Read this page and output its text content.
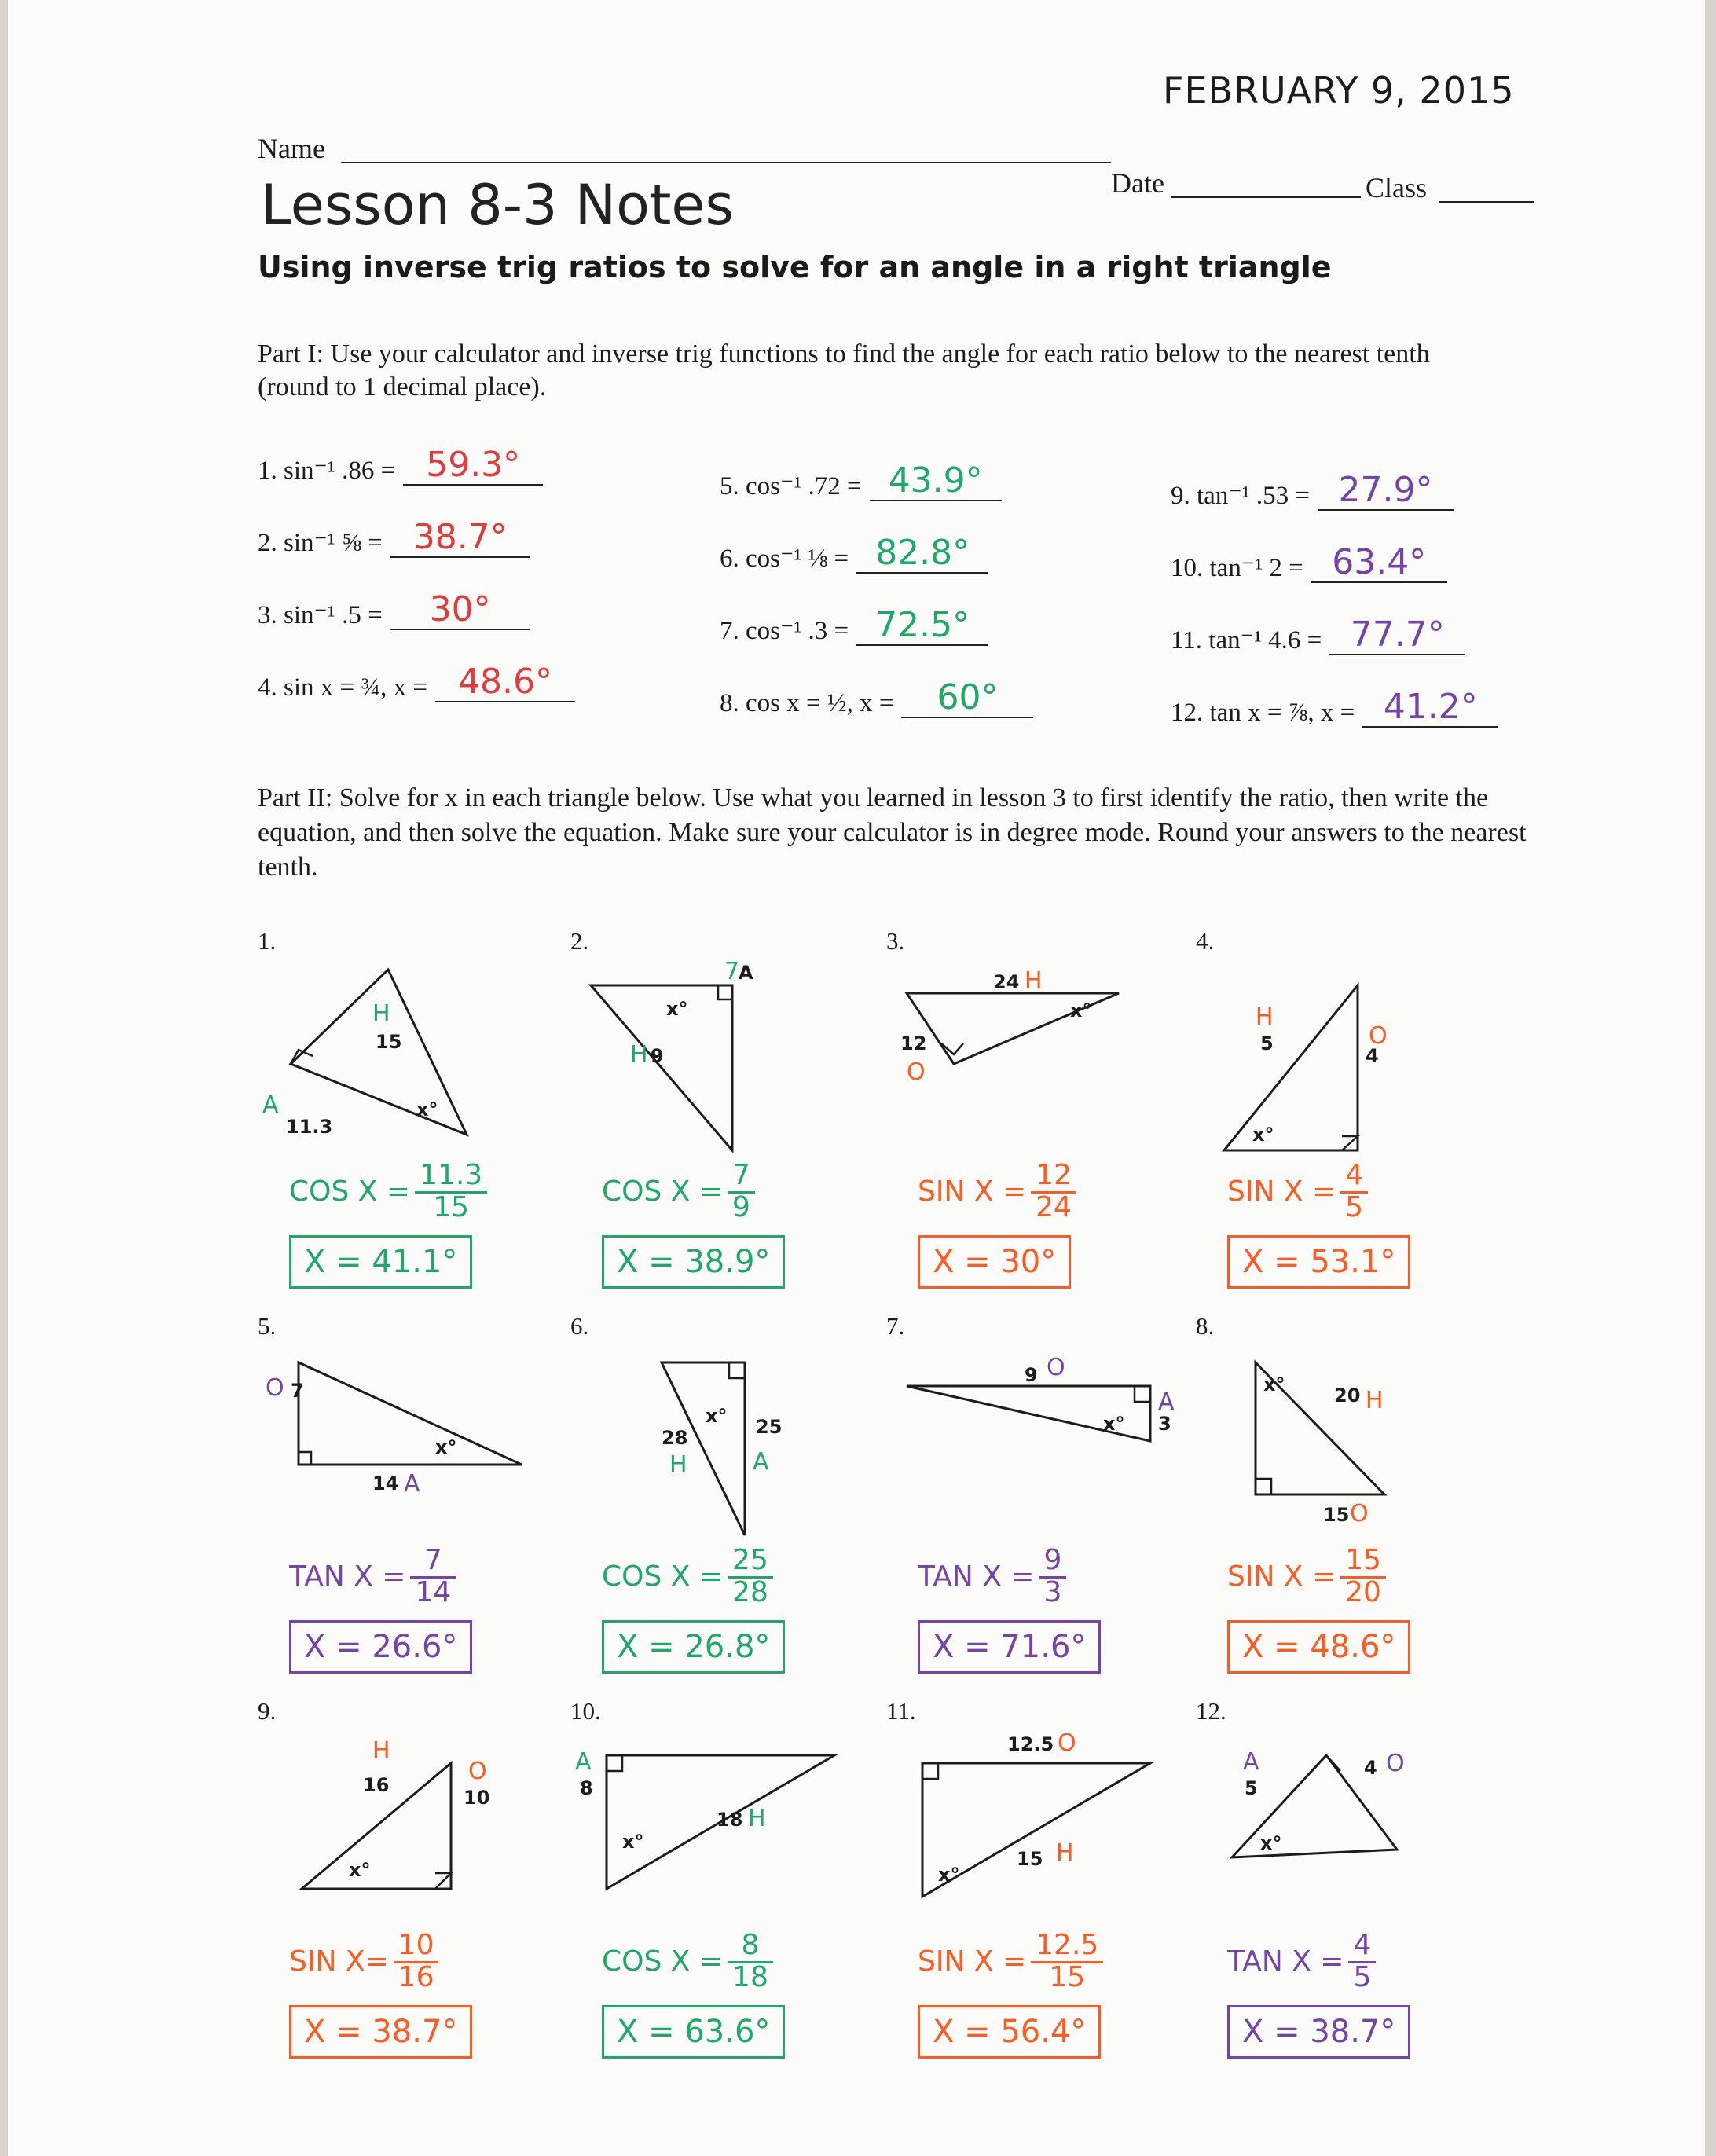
FEBRUARY 9, 2015
Name
Date	Class
Lesson 8-3 Notes
Using inverse trig ratios to solve for an angle in a right triangle
Part I: Use your calculator and inverse trig functions to find the angle for each ratio below to the nearest tenth (round to 1 decimal place).
1. sin⁻¹ .86 = 59.3°
2. sin⁻¹ ⅝ = 38.7°
3. sin⁻¹ .5 =	30°
4. sin x = ¾, x = 48.6°
5. cos⁻¹ .72 = 43.9°
6. cos⁻¹ ⅛ = 82.8°
7. cos⁻¹ .3 = 72.5°
8. cos x = ½, x =	60°
9. tan⁻¹ .53 = 27.9°
10. tan⁻¹ 2 = 63.4°
11. tan⁻¹ 4.6 = 77.7°
12. tan x = ⅞, x = 41.2°
Part II: Solve for x in each triangle below. Use what you learned in lesson 3 to first identify the ratio, then write the equation, and then solve the equation. Make sure your calculator is in degree mode. Round your answers to the nearest tenth.
1.
H
15
A
11.3
x°
COS $X = \frac{11.3}{15}$
X = 41.1°
2.
7
A
H 9
x°
COS $X = \frac{7}{9}$
X = 38.9°
3.
24 H
12
O
x°
SIN $X = \frac{12}{24}$
X = 30°
4.
H
5	O
4
x°
SIN $X = \frac{4}{5}$
X = 53.1°
5.
O 7
14 A
x°
TAN $X = \frac{7}{14}$
X = 26.6°
6.
28
H
25
A
x°
COS $X = \frac{25}{28}$
X = 26.8°
7.
9 O
A
3
x°
TAN $X = \frac{9}{3}$
X = 71.6°
8.
20 H
15 O
x°
SIN $X = \frac{15}{20}$
X = 48.6°
9.
H
16	O
10
x°
SIN $X= \frac{10}{16}$
X = 38.7°
10.
A
8
18 H
x°
COS $X = \frac{8}{18}$
X = 63.6°
11.
12.5 O
15 H
x°
SIN $X = \frac{12.5}{15}$
X = 56.4°
12.
A
5
4 O
x°
TAN $X = \frac{4}{5}$
X = 38.7°
